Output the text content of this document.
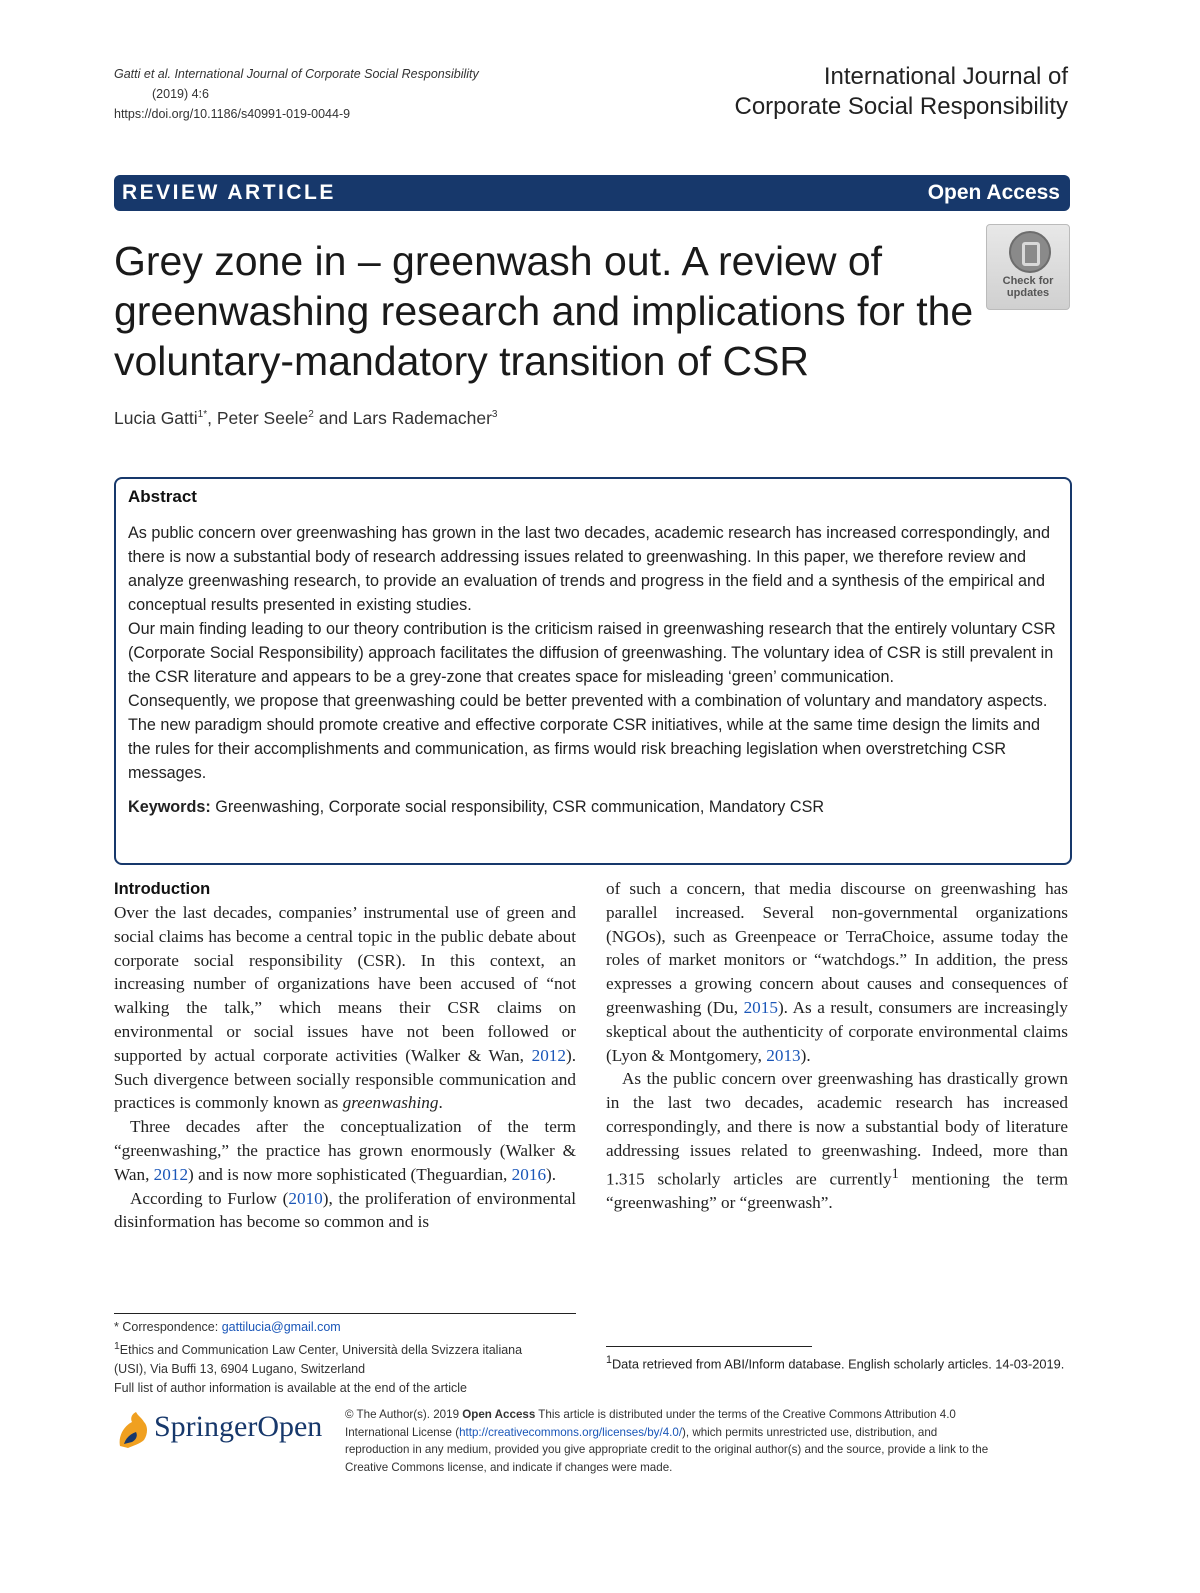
Gatti et al. International Journal of Corporate Social Responsibility
(2019) 4:6
https://doi.org/10.1186/s40991-019-0044-9
International Journal of
Corporate Social Responsibility
REVIEW ARTICLE	Open Access
Grey zone in – greenwash out. A review of greenwashing research and implications for the voluntary-mandatory transition of CSR
Check for
updates
Lucia Gatti$^{1*}$, Peter Seele$^2$ and Lars Rademacher$^3$
Abstract

As public concern over greenwashing has grown in the last two decades, academic research has increased correspondingly, and there is now a substantial body of research addressing issues related to greenwashing. In this paper, we therefore review and analyze greenwashing research, to provide an evaluation of trends and progress in the field and a synthesis of the empirical and conceptual results presented in existing studies.

Our main finding leading to our theory contribution is the criticism raised in greenwashing research that the entirely voluntary CSR (Corporate Social Responsibility) approach facilitates the diffusion of greenwashing. The voluntary idea of CSR is still prevalent in the CSR literature and appears to be a grey-zone that creates space for misleading ‘green’ communication.

Consequently, we propose that greenwashing could be better prevented with a combination of voluntary and mandatory aspects. The new paradigm should promote creative and effective corporate CSR initiatives, while at the same time design the limits and the rules for their accomplishments and communication, as firms would risk breaching legislation when overstretching CSR messages.

Keywords: Greenwashing, Corporate social responsibility, CSR communication, Mandatory CSR

Introduction

Over the last decades, companies’ instrumental use of green and social claims has become a central topic in the public debate about corporate social responsibility (CSR). In this context, an increasing number of organizations have been accused of “not walking the talk,” which means their CSR claims on environmental or social issues have not been followed or supported by actual corporate activities (Walker & Wan, 2012). Such divergence between socially responsible communication and practices is commonly known as greenwashing.

Three decades after the conceptualization of the term “greenwashing,” the practice has grown enormously (Walker & Wan, 2012) and is now more sophisticated (Theguardian, 2016).

According to Furlow (2010), the proliferation of environmental disinformation has become so common and is

of such a concern, that media discourse on greenwashing has parallel increased. Several non-governmental organizations (NGOs), such as Greenpeace or TerraChoice, assume today the roles of market monitors or “watchdogs.” In addition, the press expresses a growing concern about causes and consequences of greenwashing (Du, 2015). As a result, consumers are increasingly skeptical about the authenticity of corporate environmental claims (Lyon & Montgomery, 2013).

As the public concern over greenwashing has drastically grown in the last two decades, academic research has increased correspondingly, and there is now a substantial body of literature addressing issues related to greenwashing. Indeed, more than 1.315 scholarly articles are currently$^1$ mentioning the term “greenwashing” or “greenwash”.

* Correspondence: gattilucia@gmail.com
$^1$Ethics and Communication Law Center, Università della Svizzera italiana
(USI), Via Buffi 13, 6904 Lugano, Switzerland
Full list of author information is available at the end of the article
$^1$Data retrieved from ABI/Inform database. English scholarly articles. 14-03-2019.
SpringerOpen © The Author(s). 2019 Open Access This article is distributed under the terms of the Creative Commons Attribution 4.0 International License (http://creativecommons.org/licenses/by/4.0/), which permits unrestricted use, distribution, and reproduction in any medium, provided you give appropriate credit to the original author(s) and the source, provide a link to the Creative Commons license, and indicate if changes were made.
